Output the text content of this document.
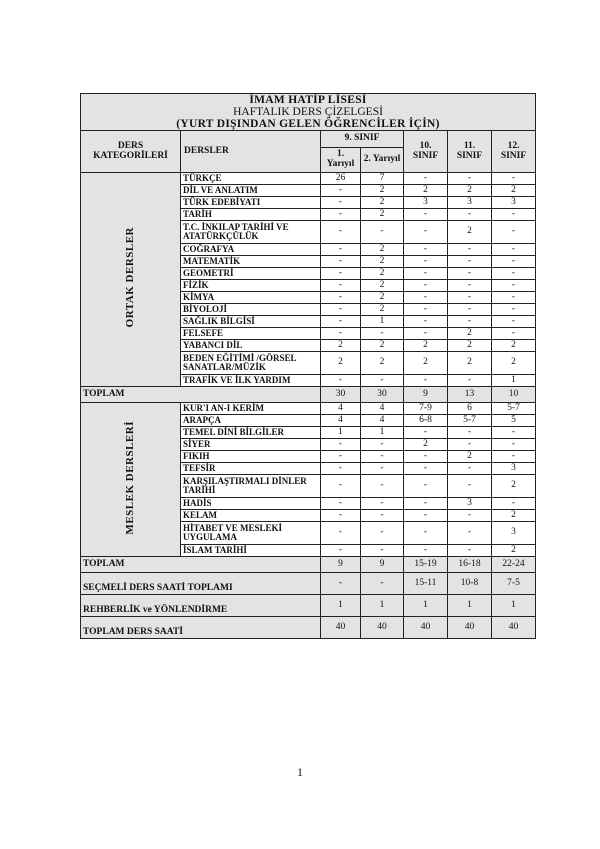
İMAM HATİP LİSESİ
HAFTALIK DERS ÇİZELGESİ
(YURT DIŞINDAN GELEN ÖĞRENCİLER İÇİN)						

DERS KATEGORİLERİ	DERSLER	9. SINIF		10. SINIF	11. SINIF	12. SINIF
		1. Yarıyıl	2. Yarıyıl			
ORTAK DERSLER	TÜRKÇE	26	7	-	-	-
	DİL VE ANLATIM	-	2	2	2	2
	TÜRK EDEBİYATI	-	2	3	3	3
	TARİH	-	2	-	-	-
	T.C. İNKILAP TARİHİ VE ATATÜRKÇÜLÜK	-	-	-	2	-
	COĞRAFYA	-	2	-	-	-
	MATEMATİK	-	2	-	-	-
	GEOMETRİ	-	2	-	-	-
	FİZİK	-	2	-	-	-
	KİMYA	-	2	-	-	-
	BİYOLOJİ	-	2	-	-	-
	SAĞLIK BİLGİSİ	-	1	-	-	-
	FELSEFE	-	-	-	2	-
	YABANCI DİL	2	2	2	2	2
	BEDEN EĞİTİMİ /GÖRSEL SANATLAR/MÜZİK	2	2	2	2	2
	TRAFİK VE İLK YARDIM	-	-	-	-	1
TOPLAM		30	30	9	13	10
MESLEK DERSLERİ	KUR'I AN-I KERİM	4	4	7-9	6	5-7
	ARAPÇA	4	4	6-8	5-7	5
	TEMEL DİNİ BİLGİLER	1	1	-	-	-
	SİYER	-	-	2	-	-
	FIKIH	-	-	-	2	-
	TEFSİR	-	-	-	-	3
	KARŞILAŞTIRMALI DİNLER TARİHİ	-	-	-	-	2
	HADİS	-	-	-	3	-
	KELAM	-	-	-	-	2
	HİTABET VE MESLEKİ UYGULAMA	-	-	-	-	3
	İSLAM TARİHİ	-	-	-	-	2
TOPLAM		9	9	15-19	16-18	22-24
SEÇMELİ DERS SAATİ TOPLAMI		-	-	15-11	10-8	7-5
REHBERLİK ve YÖNLENDİRME		1	1	1	1	1
TOPLAM DERS SAATİ		40	40	40	40	40
1
